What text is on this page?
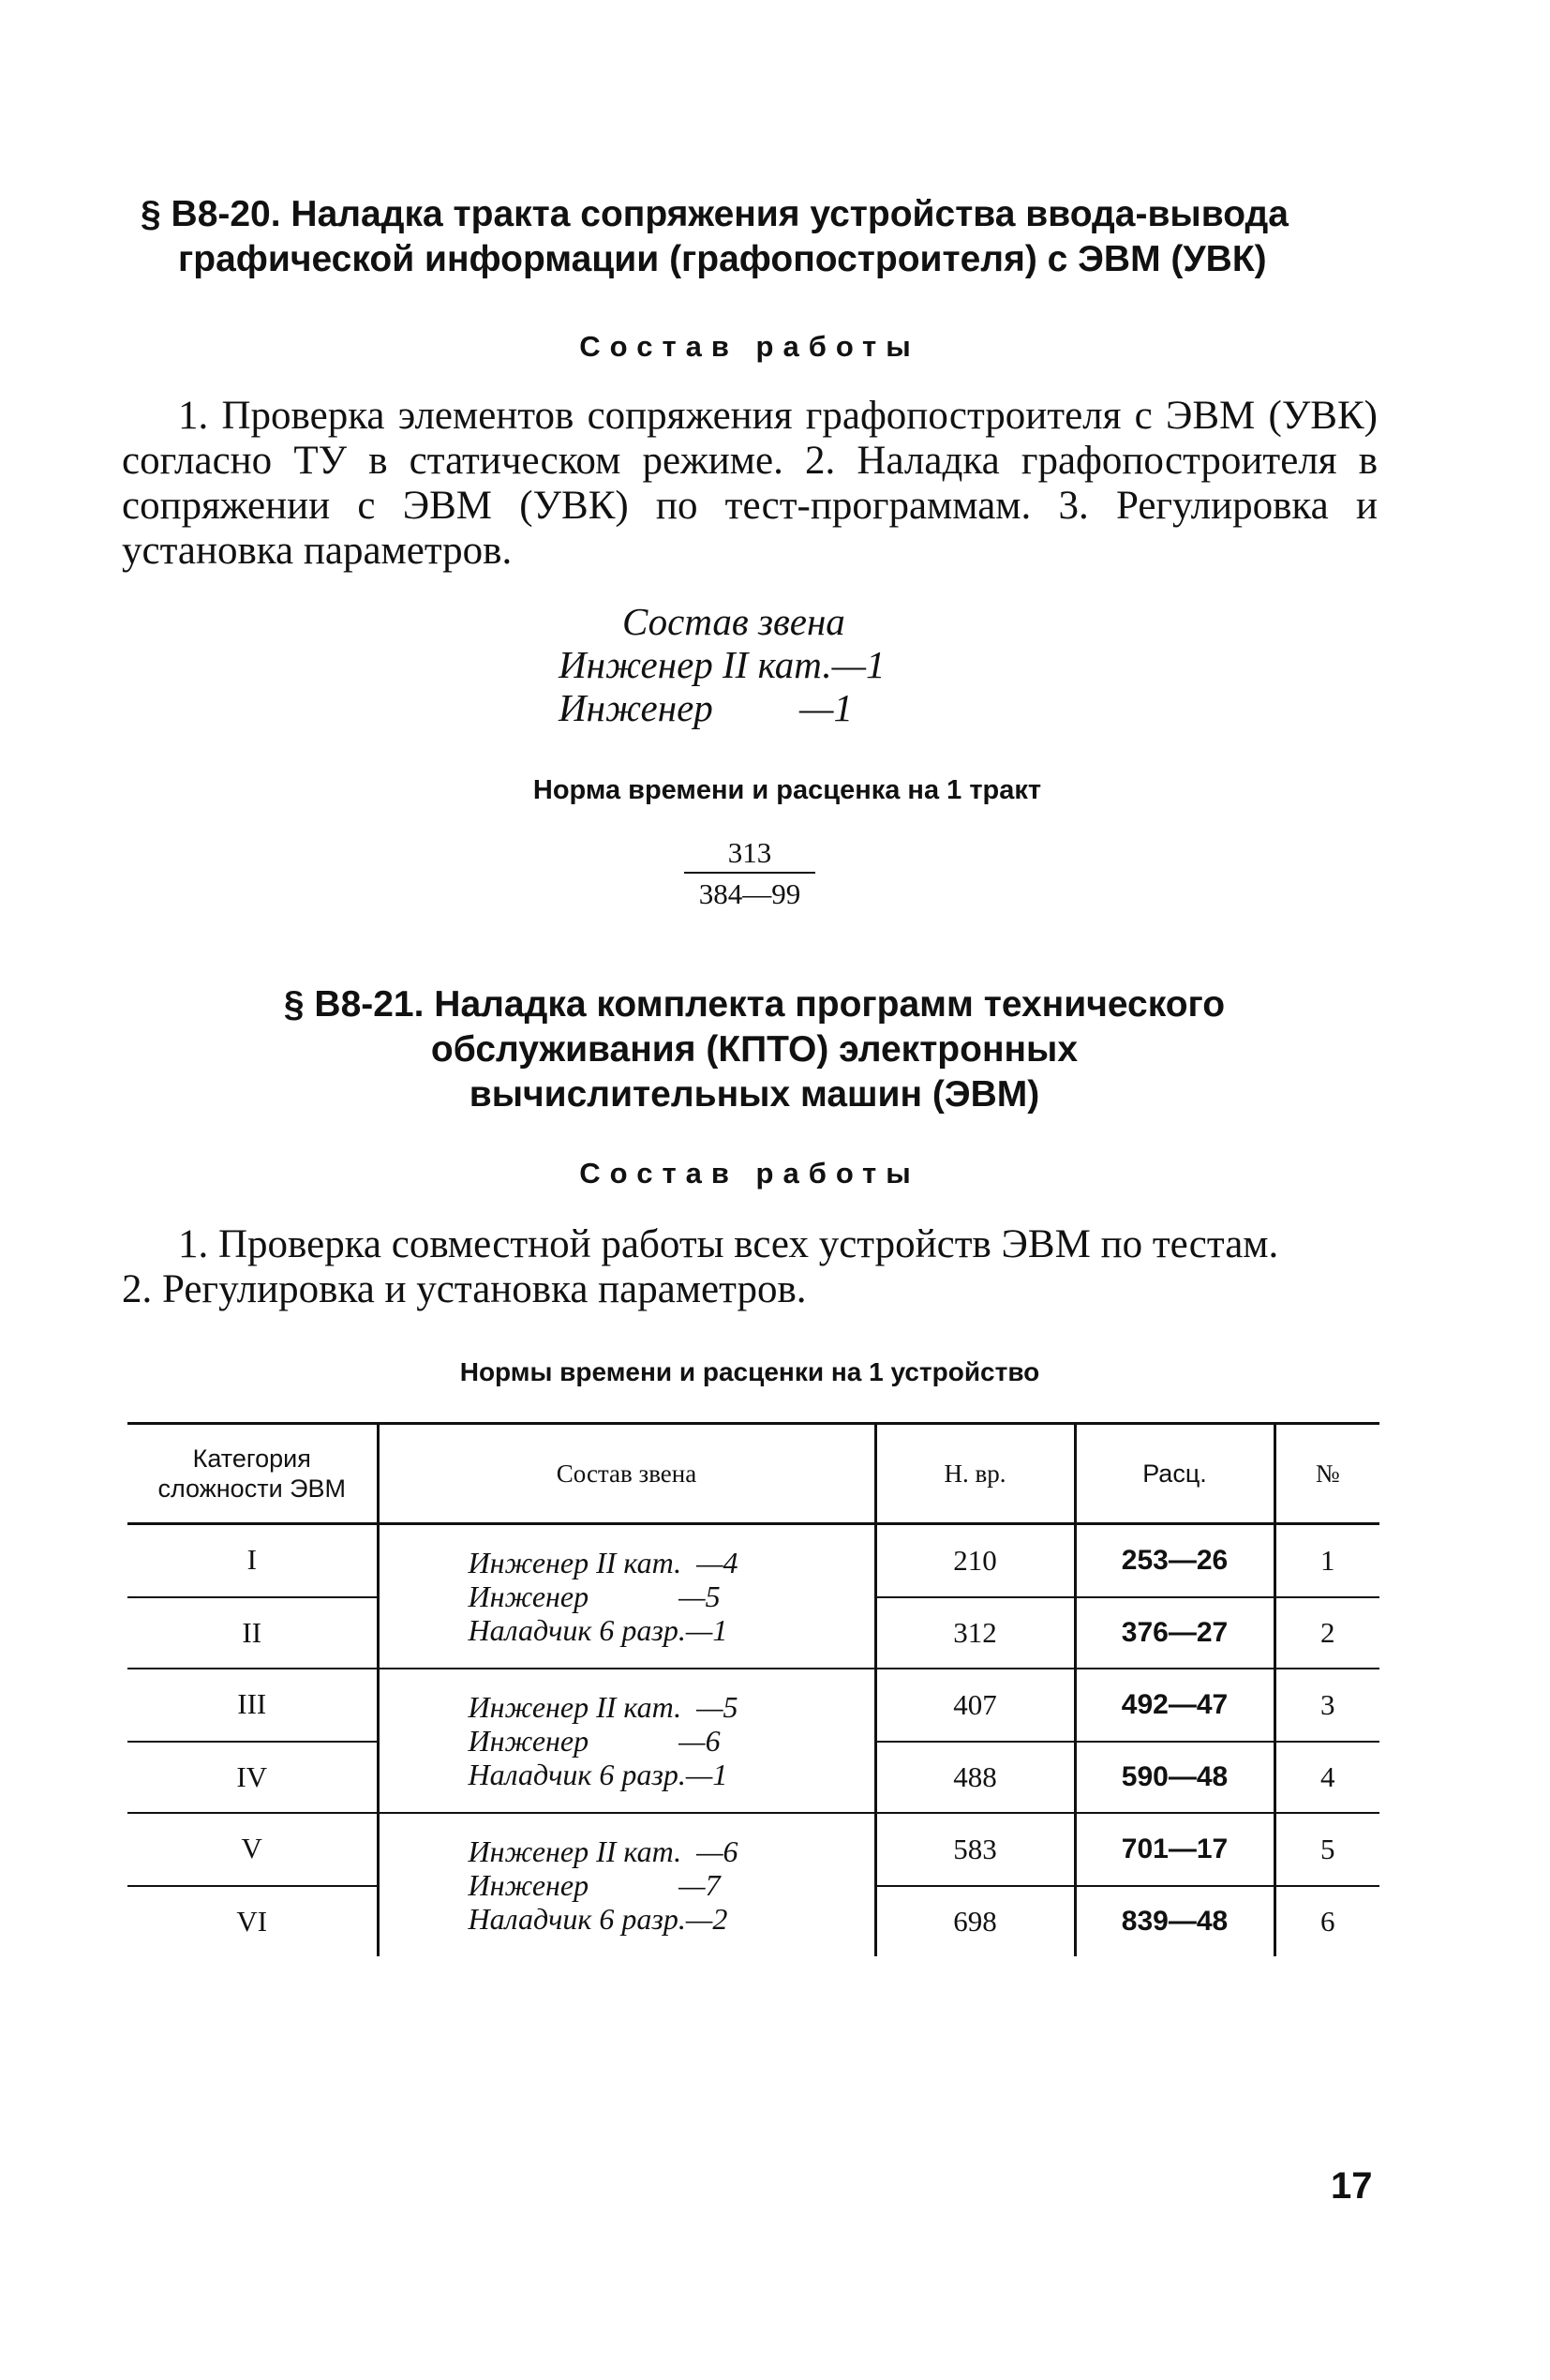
§ В8-20. Наладка тракта сопряжения устройства ввода-вывода
графической информации (графопостроителя) с ЭВМ (УВК)
Состав работы

1. Проверка элементов сопряжения графопостроителя с ЭВМ (УВК) согласно ТУ в статическом режиме. 2. Наладка графопостроителя в сопряжении с ЭВМ (УВК) по тест-программам. 3. Регулировка и установка параметров.

Состав звена
Инженер II кат.—1
Инженер         —1
Норма времени и расценка на 1 тракт
$\frac{313}{384—99}$
§ В8-21. Наладка комплекта программ технического
обслуживания (КПТО) электронных
вычислительных машин (ЭВМ)
Состав работы
1. Проверка совместной работы всех устройств ЭВМ по тестам.
2. Регулировка и установка параметров.
Нормы времени и расценки на 1 устройство
Категория сложности ЭВМ	Состав звена	Н. вр.	Расц.	№
I	Инженер II кат.  —4
Инженер            —5
Наладчик 6 разр.—1	210	253—26	1

II		312	376—27	2
III	Инженер II кат.  —5
Инженер            —6
Наладчик 6 разр.—1	407	492—47	3

IV		488	590—48	4
V	Инженер II кат.  —6
Инженер            —7
Наладчик 6 разр.—2	583	701—17	5

VI		698	839—48	6
17
